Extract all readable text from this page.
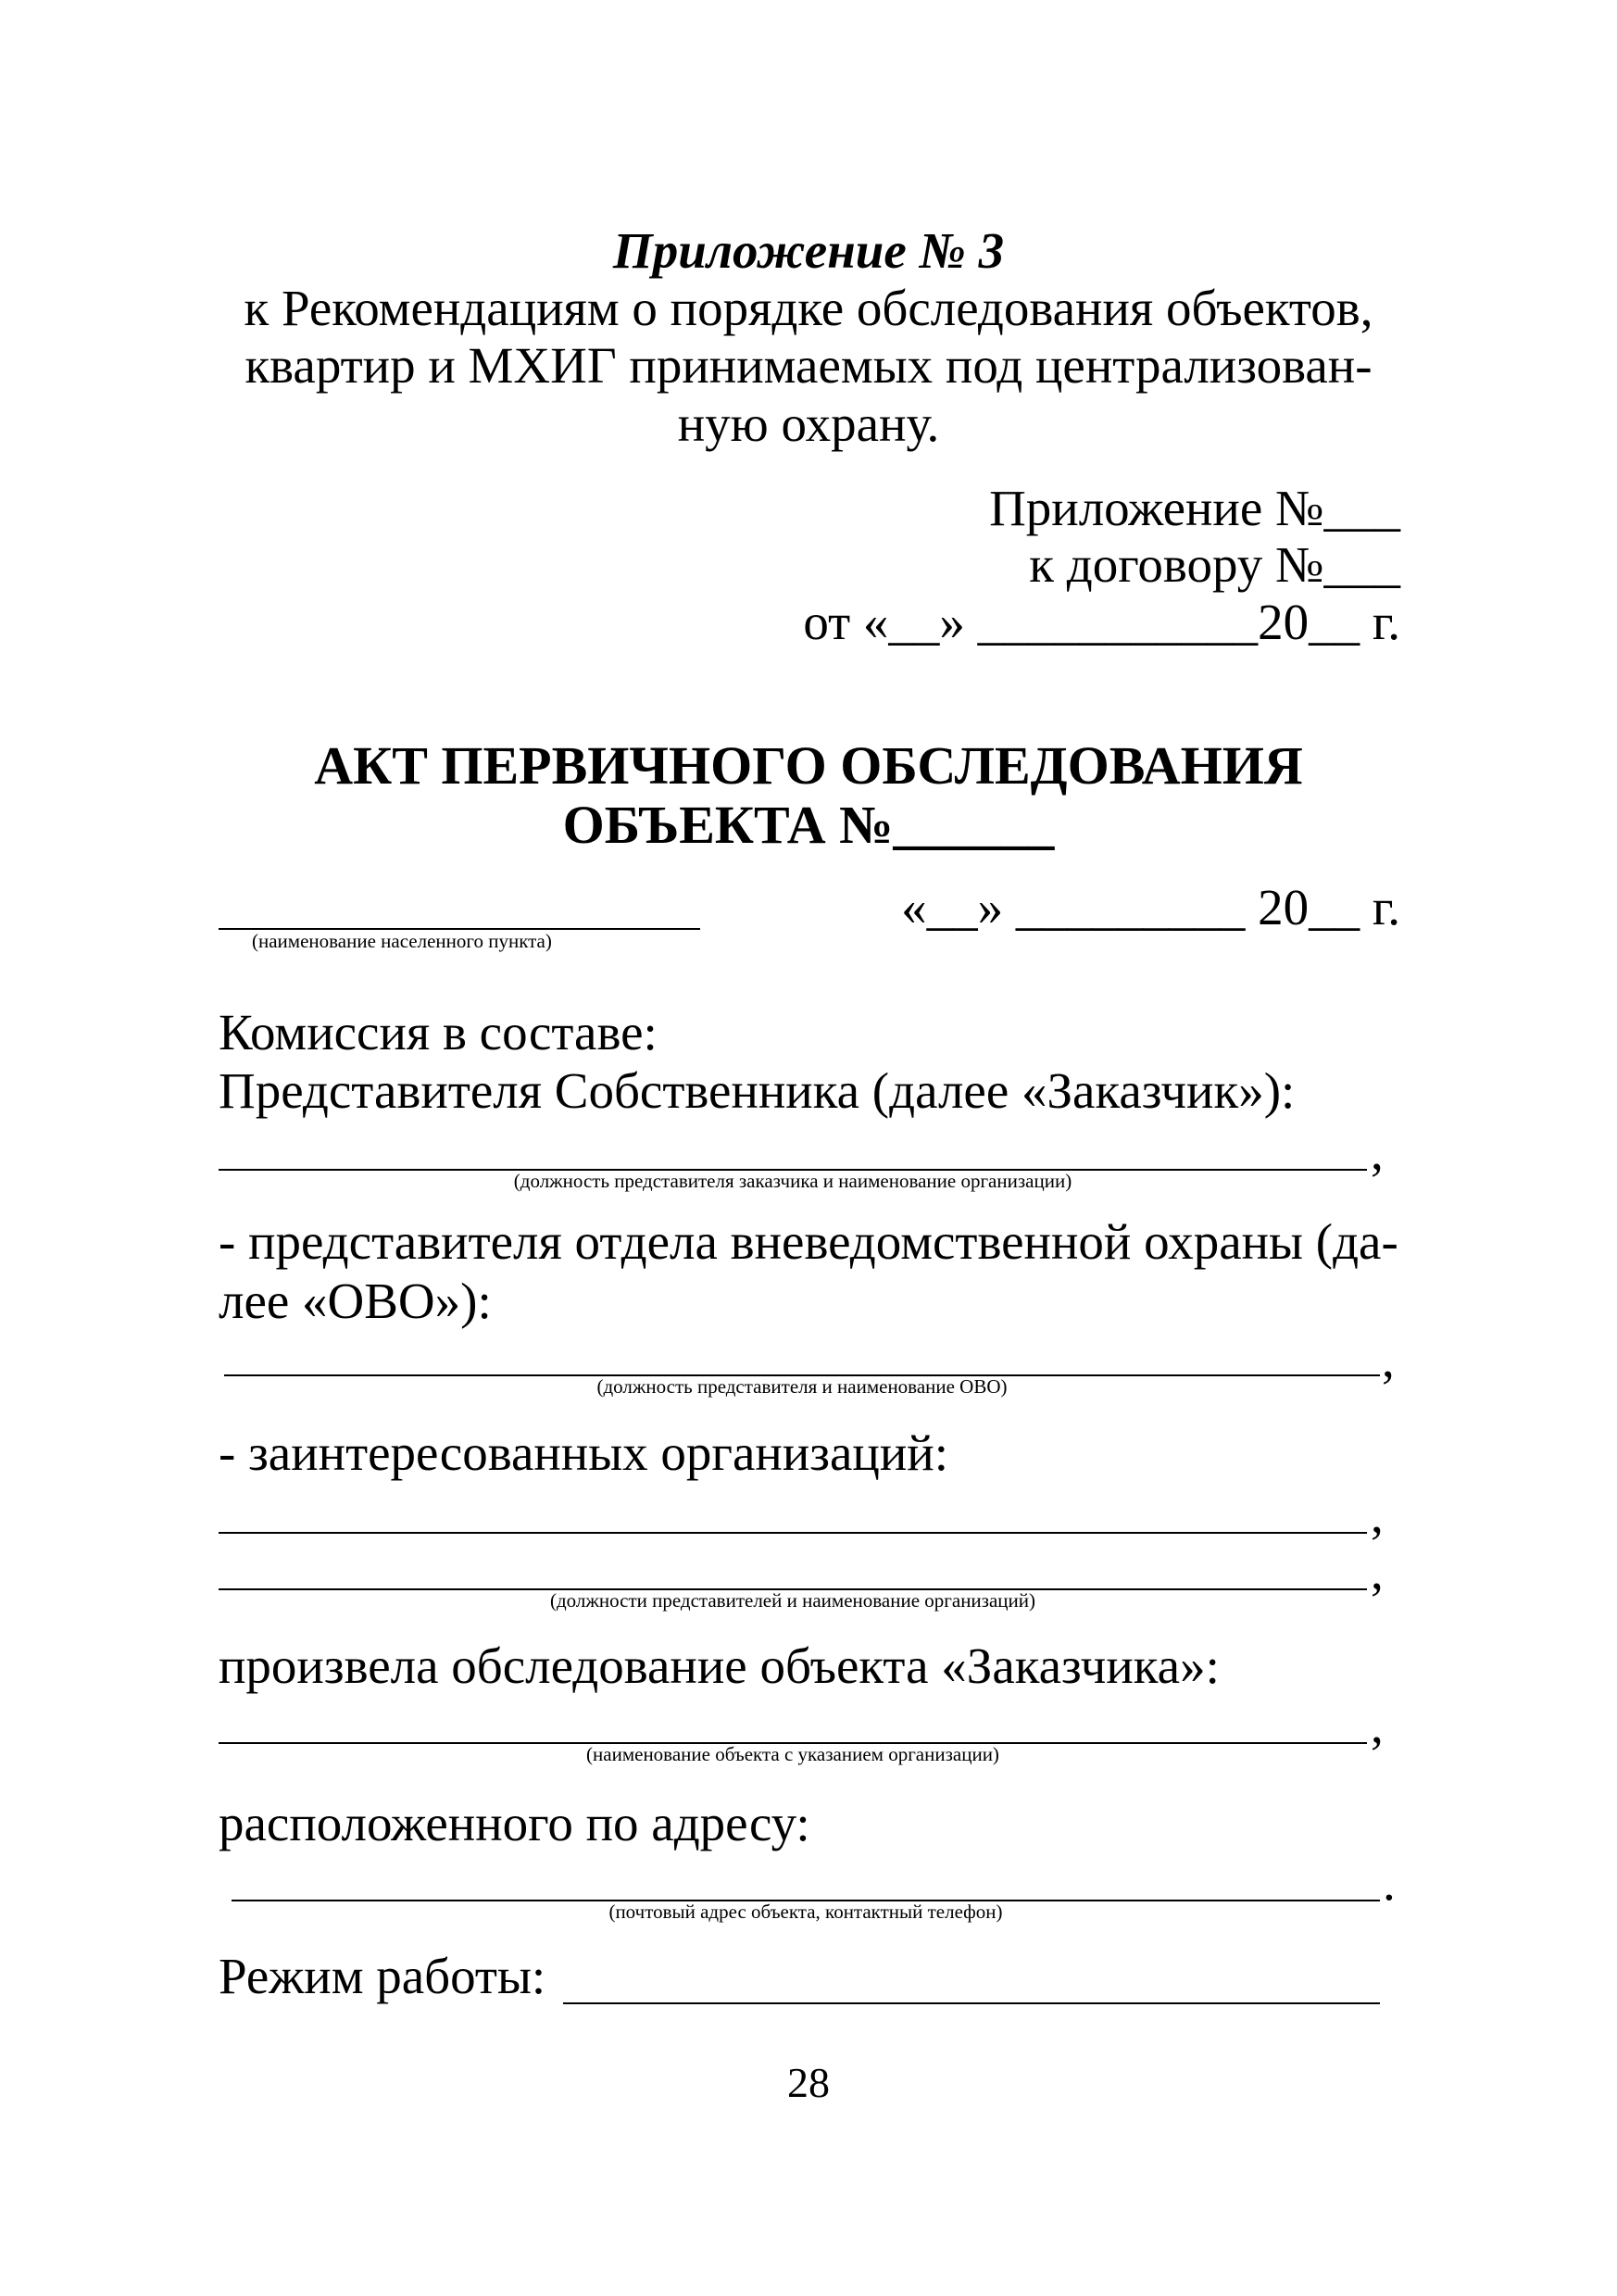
Приложение № 3
к Рекомендациям о порядке обследования объектов,
квартир и МХИГ принимаемых под централизован-
ную охрану.
Приложение №___
к договору №___
от «__» ___________20__ г.
АКТ ПЕРВИЧНОГО ОБСЛЕДОВАНИЯ
ОБЪЕКТА №______
(наименование населенного пункта)
«__» _________ 20__ г.
Комиссия в составе:
Представителя Собственника (далее «Заказчик»):
,
(должность представителя заказчика и наименование организации)
- представителя отдела вневедомственной охраны (да-
лее «ОВО»):
,
(должность представителя и наименование ОВО)
- заинтересованных организаций:
,
,
(должности представителей и наименование организаций)
произвела обследование объекта «Заказчика»:
,
(наименование объекта с указанием организации)
расположенного по адресу:
.
(почтовый адрес объекта, контактный телефон)
Режим работы:
28
